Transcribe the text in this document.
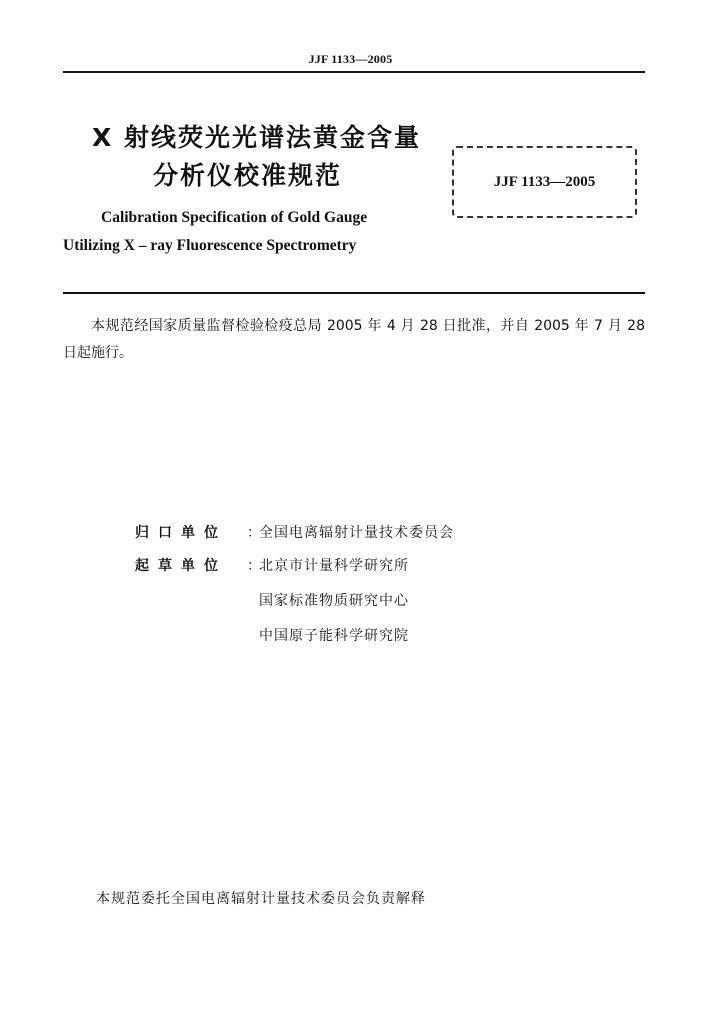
JJF 1133—2005
X 射线荧光光谱法黄金含量
分析仪校准规范	JJF 1133—2005
Calibration Specification of Gold Gauge
Utilizing X – ray Fluorescence Spectrometry
本规范经国家质量监督检验检疫总局 2005 年 4 月 28 日批准，并自 2005 年 7 月 28 日起施行。
归口单位	：
全国电离辐射计量技术委员会
起草单位	：
北京市计量科学研究所
国家标准物质研究中心
中国原子能科学研究院
本规范委托全国电离辐射计量技术委员会负责解释
